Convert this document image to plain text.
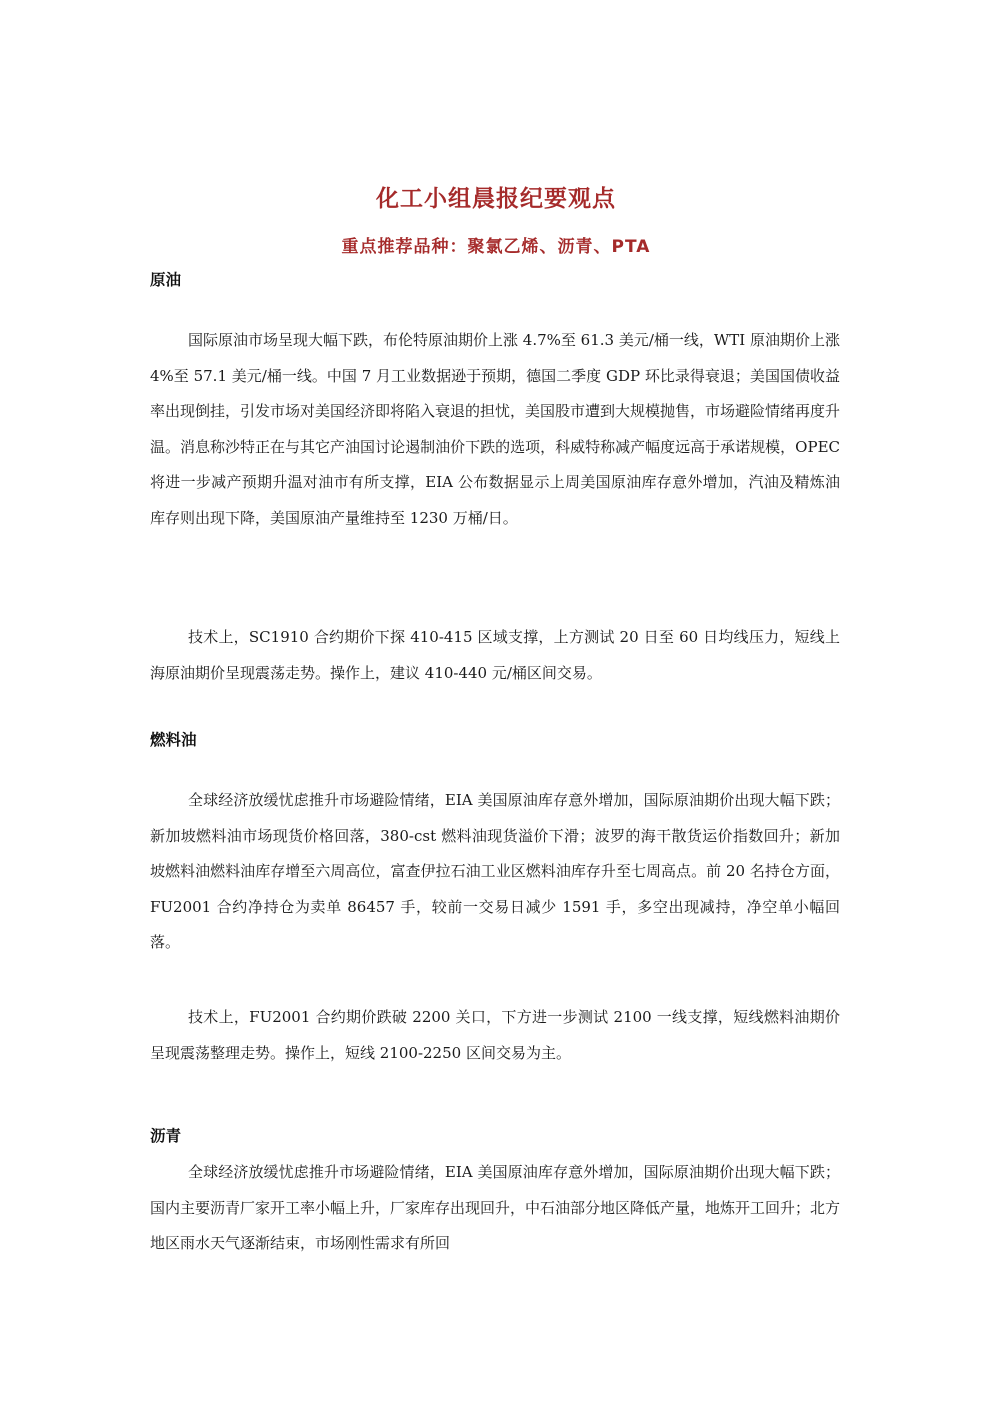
化工小组晨报纪要观点
重点推荐品种：聚氯乙烯、沥青、PTA
原油

国际原油市场呈现大幅下跌，布伦特原油期价上涨 4.7%至 61.3 美元/桶一线，WTI 原油期价上涨 4%至 57.1 美元/桶一线。中国 7 月工业数据逊于预期，德国二季度 GDP 环比录得衰退；美国国债收益率出现倒挂，引发市场对美国经济即将陷入衰退的担忧，美国股市遭到大规模抛售，市场避险情绪再度升温。消息称沙特正在与其它产油国讨论遏制油价下跌的选项，科威特称减产幅度远高于承诺规模，OPEC 将进一步减产预期升温对油市有所支撑，EIA 公布数据显示上周美国原油库存意外增加，汽油及精炼油库存则出现下降，美国原油产量维持至 1230 万桶/日。

技术上，SC1910 合约期价下探 410-415 区域支撑，上方测试 20 日至 60 日均线压力，短线上海原油期价呈现震荡走势。操作上，建议 410-440 元/桶区间交易。

燃料油

全球经济放缓忧虑推升市场避险情绪，EIA 美国原油库存意外增加，国际原油期价出现大幅下跌；新加坡燃料油市场现货价格回落，380-cst 燃料油现货溢价下滑；波罗的海干散货运价指数回升；新加坡燃料油燃料油库存增至六周高位，富查伊拉石油工业区燃料油库存升至七周高点。前 20 名持仓方面，FU2001 合约净持仓为卖单 86457 手，较前一交易日减少 1591 手，多空出现减持，净空单小幅回落。

技术上，FU2001 合约期价跌破 2200 关口，下方进一步测试 2100 一线支撑，短线燃料油期价呈现震荡整理走势。操作上，短线 2100-2250 区间交易为主。

沥青

全球经济放缓忧虑推升市场避险情绪，EIA 美国原油库存意外增加，国际原油期价出现大幅下跌；国内主要沥青厂家开工率小幅上升，厂家库存出现回升，中石油部分地区降低产量，地炼开工回升；北方地区雨水天气逐渐结束，市场刚性需求有所回
